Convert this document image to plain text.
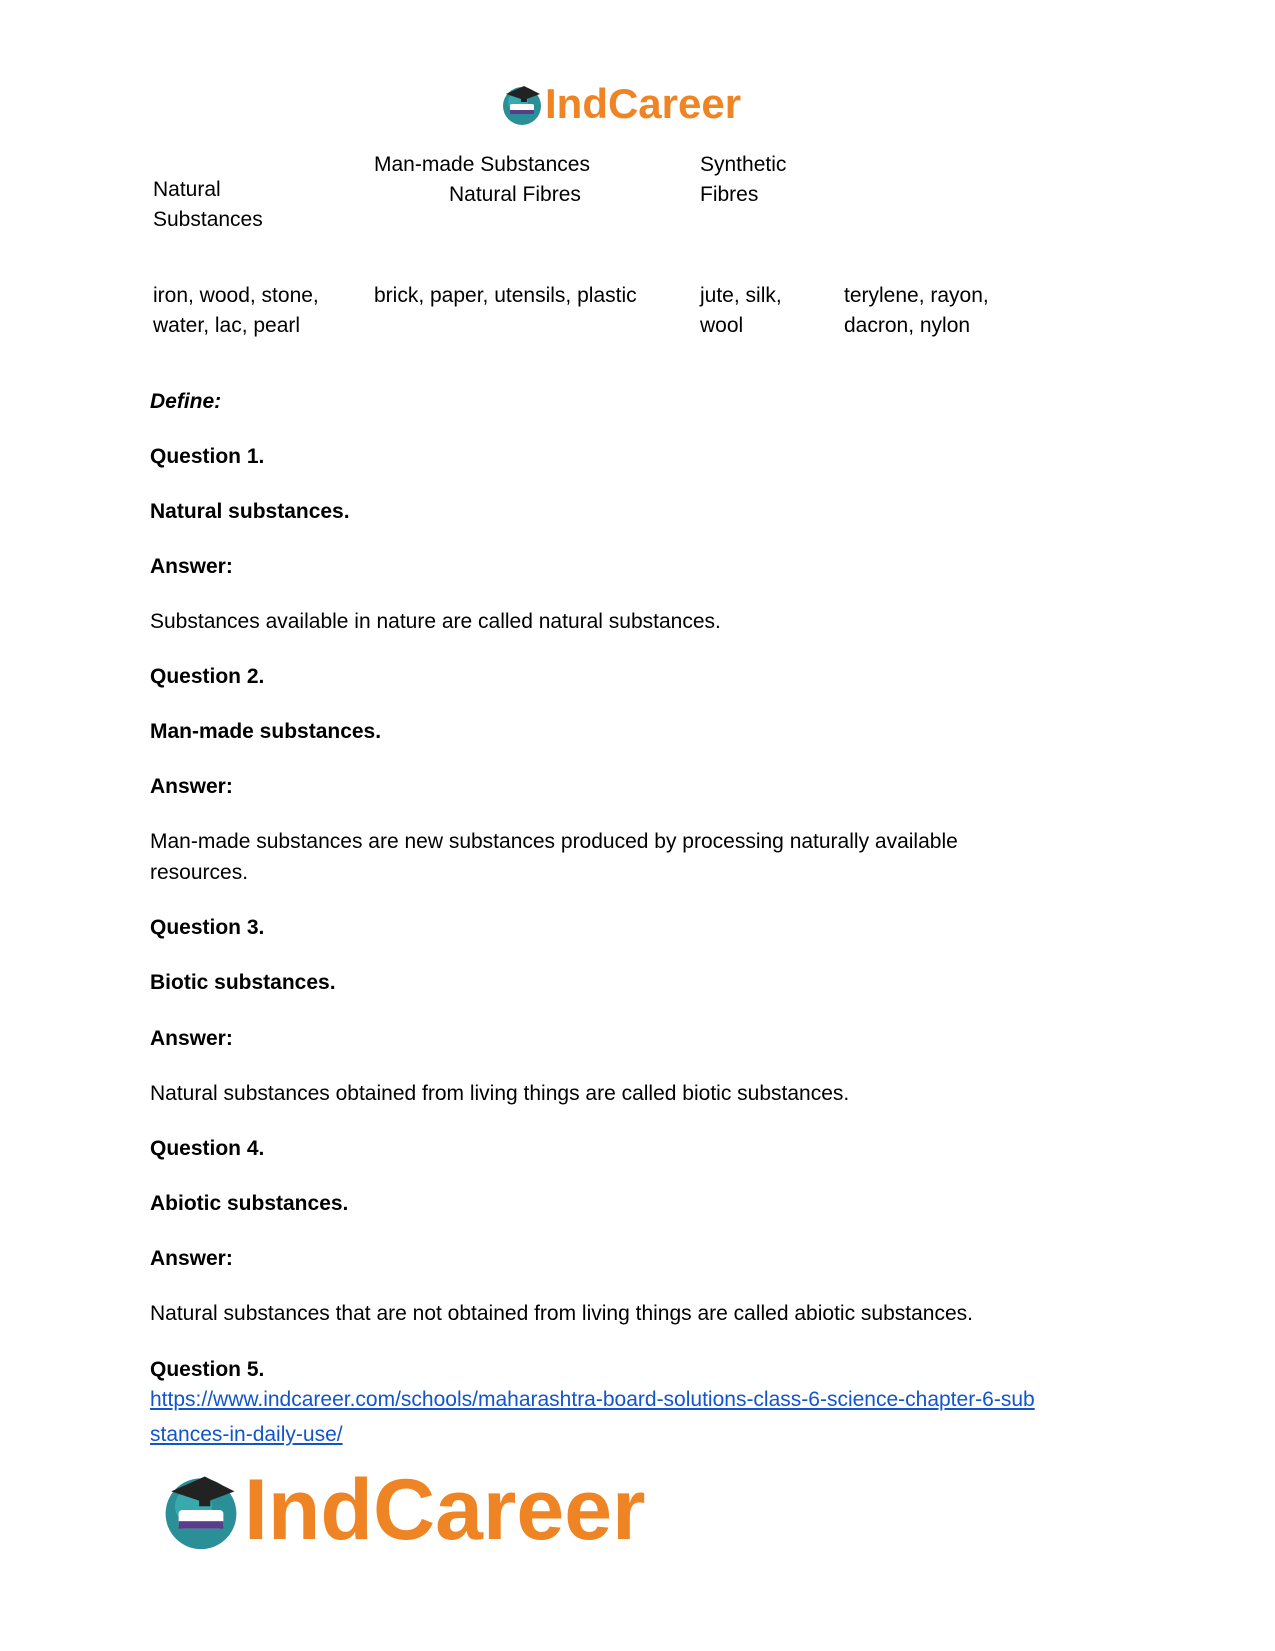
IndCareer
Natural
Substances
Man-made Substances
Natural Fibres
Synthetic
Fibres
iron, wood, stone,
water, lac, pearl
brick, paper, utensils, plastic	jute, silk,
wool
terylene, rayon,
dacron, nylon
Define:
Question 1.
Natural substances.
Answer:
Substances available in nature are called natural substances.
Question 2.
Man-made substances.
Answer:
Man-made substances are new substances produced by processing naturally available
resources.
Question 3.
Biotic substances.
Answer:
Natural substances obtained from living things are called biotic substances.
Question 4.
Abiotic substances.
Answer:
Natural substances that are not obtained from living things are called abiotic substances.
Question 5.
https://www.indcareer.com/schools/maharashtra-board-solutions-class-6-science-chapter-6-sub
stances-in-daily-use/
IndCareer
